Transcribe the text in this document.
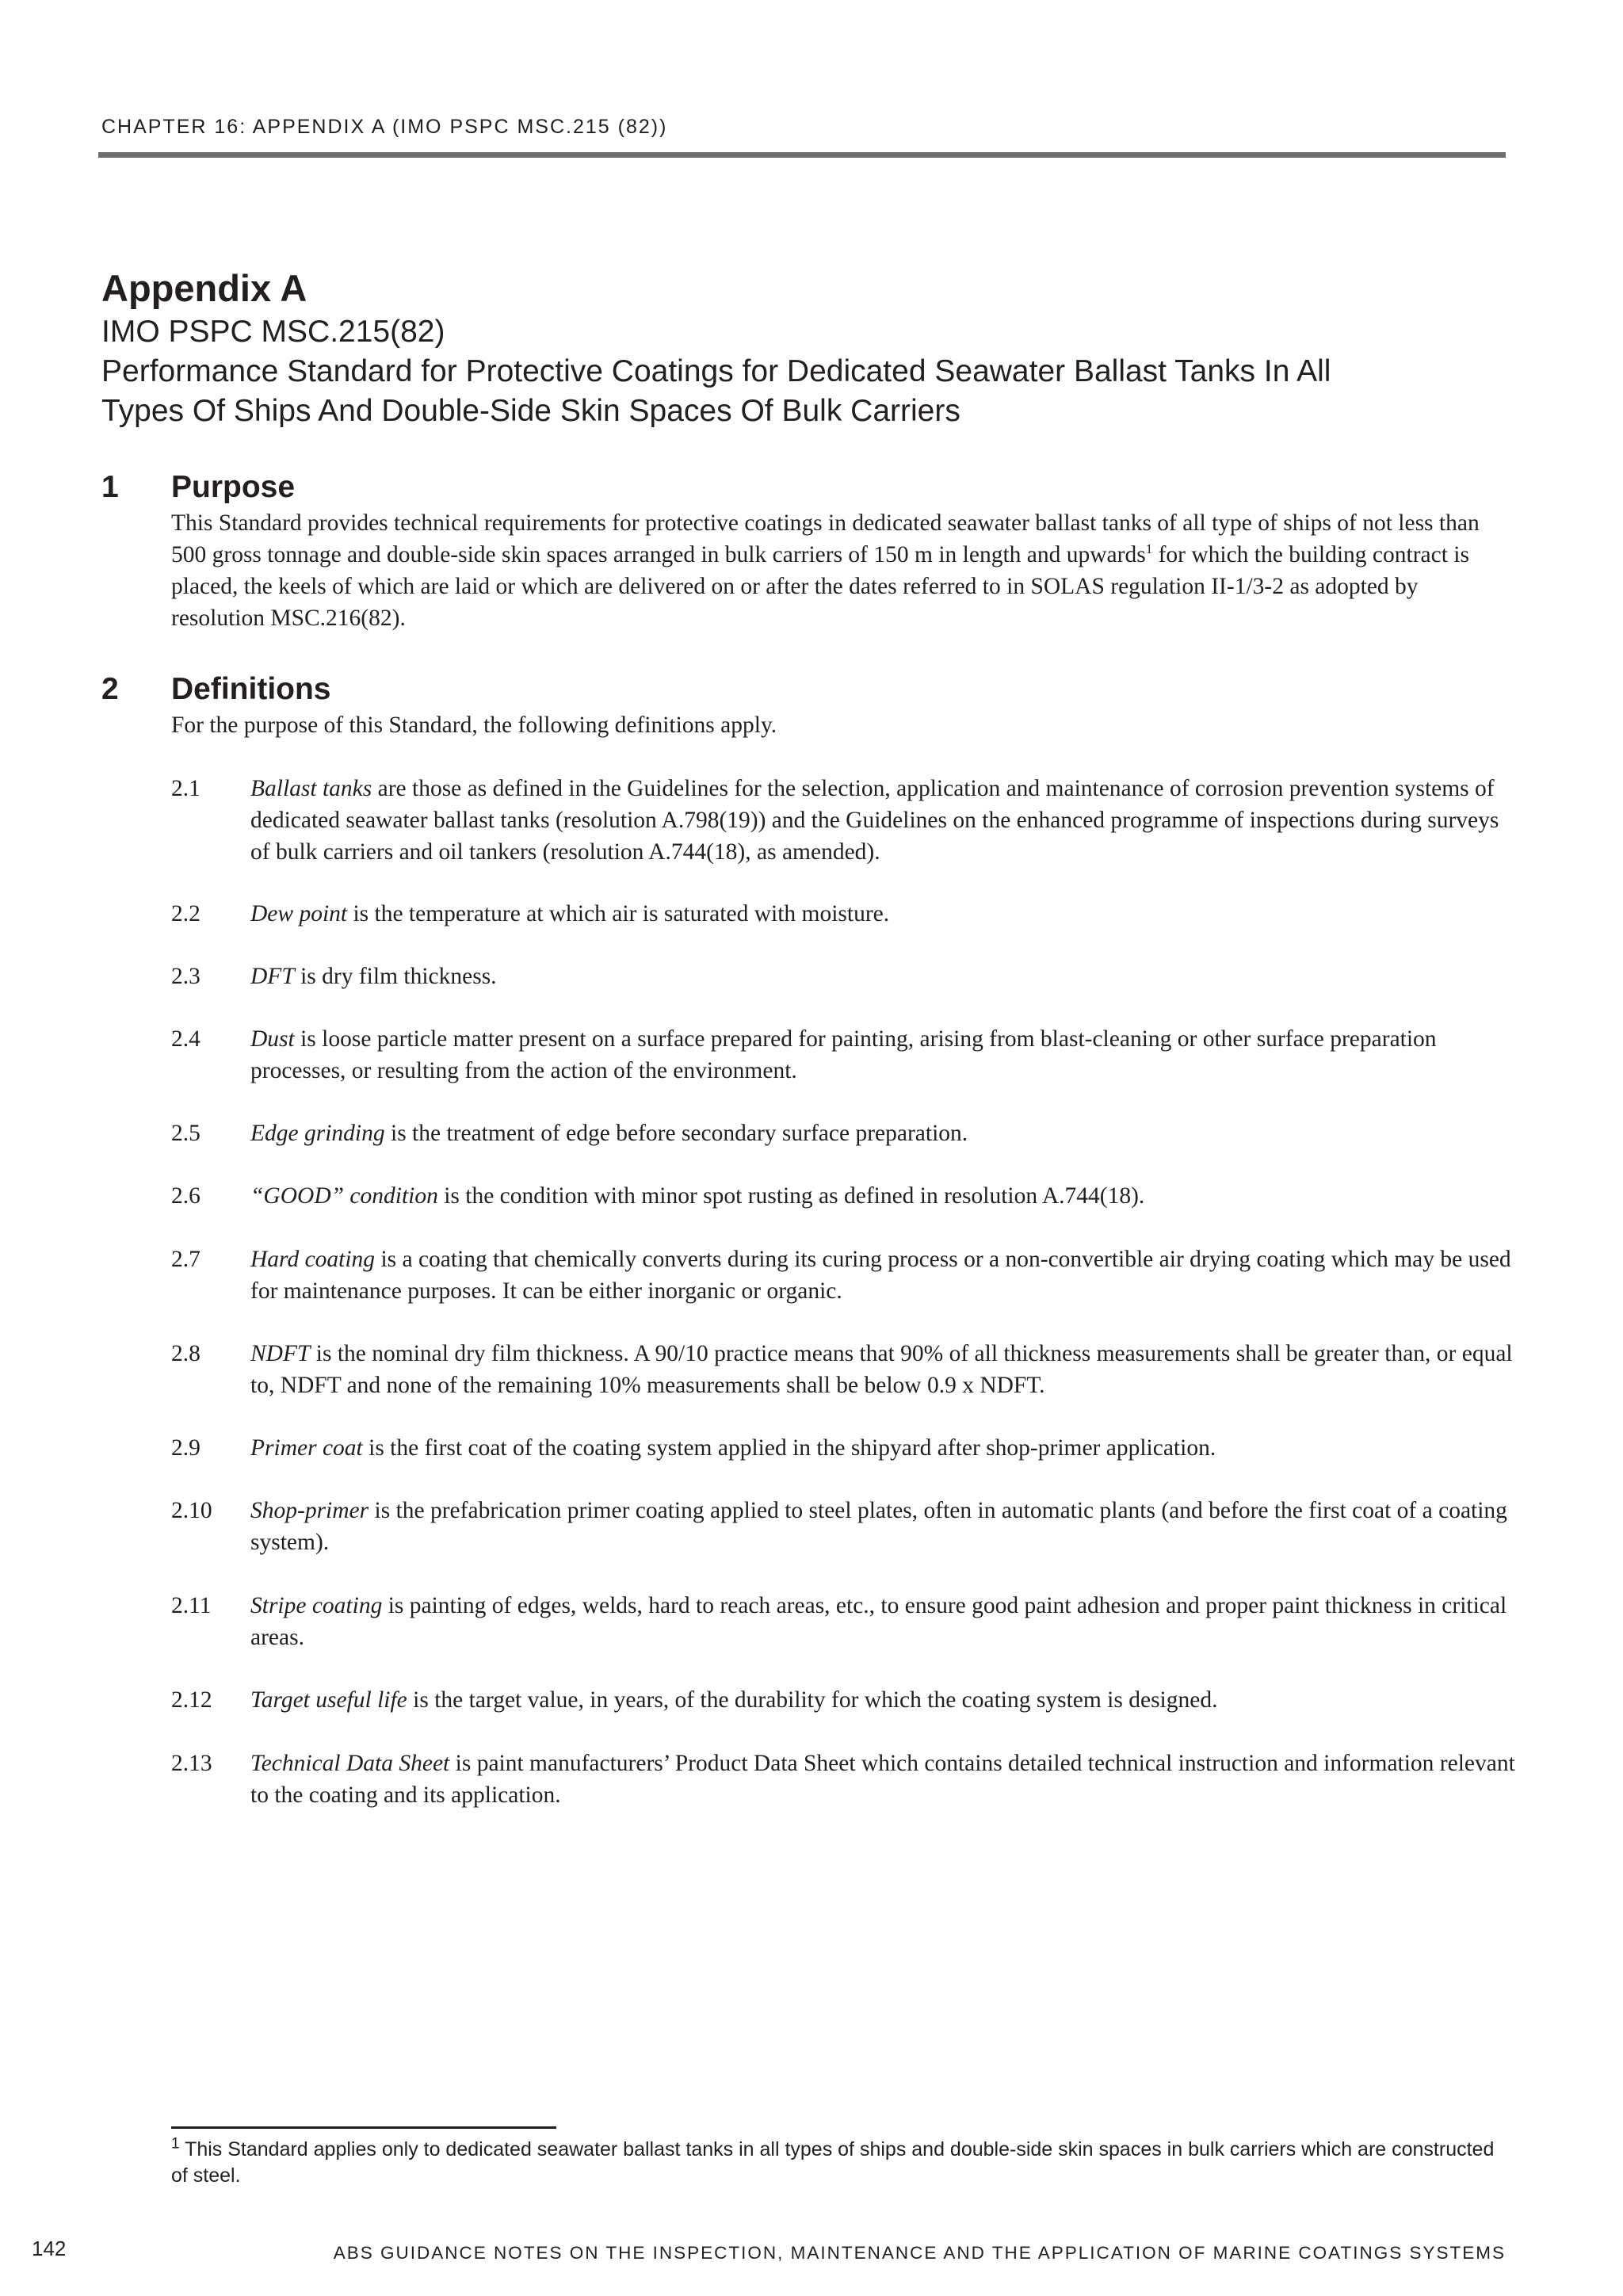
CHAPTER 16: APPENDIX A (IMO PSPC MSC.215 (82))
Appendix A
IMO PSPC MSC.215(82)
Performance Standard for Protective Coatings for Dedicated Seawater Ballast Tanks In All
Types Of Ships And Double-Side Skin Spaces Of Bulk Carriers
1	Purpose
This Standard provides technical requirements for protective coatings in dedicated seawater ballast tanks of all type of ships of not less than 500 gross tonnage and double-side skin spaces arranged in bulk carriers of 150 m in length and upwards$^1$ for which the building contract is placed, the keels of which are laid or which are delivered on or after the dates referred to in SOLAS regulation II-1/3-2 as adopted by resolution MSC.216(82).
2	Definitions
For the purpose of this Standard, the following definitions apply.
2.1	Ballast tanks are those as defined in the Guidelines for the selection, application and maintenance of corrosion prevention systems of dedicated seawater ballast tanks (resolution A.798(19)) and the Guidelines on the enhanced programme of inspections during surveys of bulk carriers and oil tankers (resolution A.744(18), as amended).
2.2	Dew point is the temperature at which air is saturated with moisture.
2.3	DFT is dry film thickness.
2.4	Dust is loose particle matter present on a surface prepared for painting, arising from blast-cleaning or other surface preparation processes, or resulting from the action of the environment.
2.5	Edge grinding is the treatment of edge before secondary surface preparation.
2.6	“GOOD” condition is the condition with minor spot rusting as defined in resolution A.744(18).
2.7	Hard coating is a coating that chemically converts during its curing process or a non-convertible air drying coating which may be used for maintenance purposes. It can be either inorganic or organic.
2.8	NDFT is the nominal dry film thickness. A 90/10 practice means that 90% of all thickness measurements shall be greater than, or equal to, NDFT and none of the remaining 10% measurements shall be below 0.9 x NDFT.
2.9	Primer coat is the first coat of the coating system applied in the shipyard after shop-primer application.
2.10	Shop-primer is the prefabrication primer coating applied to steel plates, often in automatic plants (and before the first coat of a coating system).
2.11	Stripe coating is painting of edges, welds, hard to reach areas, etc., to ensure good paint adhesion and proper paint thickness in critical areas.
2.12	Target useful life is the target value, in years, of the durability for which the coating system is designed.
2.13	Technical Data Sheet is paint manufacturers’ Product Data Sheet which contains detailed technical instruction and information relevant to the coating and its application.
$^1$ This Standard applies only to dedicated seawater ballast tanks in all types of ships and double-side skin spaces in bulk carriers which are constructed of steel.
142	ABS GUIDANCE NOTES ON THE INSPECTION, MAINTENANCE AND THE APPLICATION OF MARINE COATINGS SYSTEMS
